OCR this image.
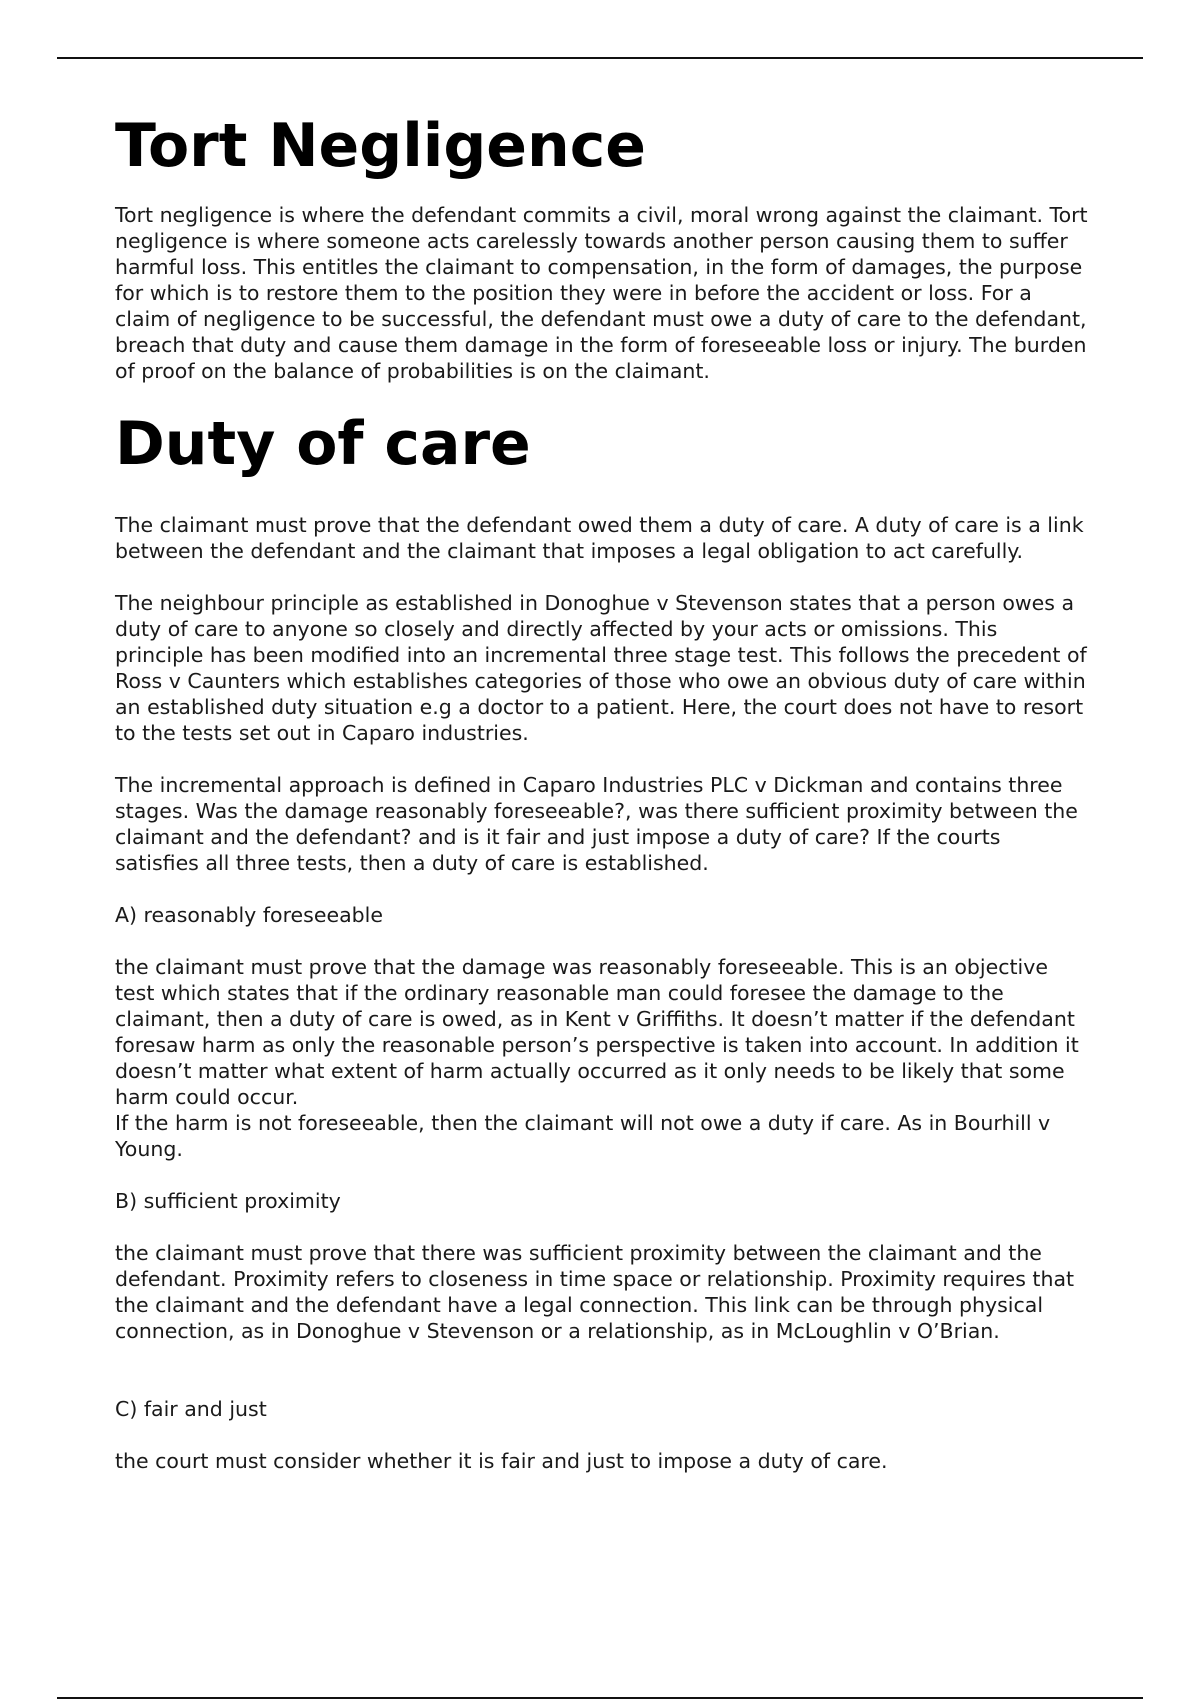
Tort Negligence

Tort negligence is where the defendant commits a civil, moral wrong against the claimant. Tort negligence is where someone acts carelessly towards another person causing them to suffer harmful loss. This entitles the claimant to compensation, in the form of damages, the purpose for which is to restore them to the position they were in before the accident or loss. For a claim of negligence to be successful, the defendant must owe a duty of care to the defendant, breach that duty and cause them damage in the form of foreseeable loss or injury. The burden of proof on the balance of probabilities is on the claimant.

Duty of care

The claimant must prove that the defendant owed them a duty of care. A duty of care is a link between the defendant and the claimant that imposes a legal obligation to act carefully.

The neighbour principle as established in Donoghue v Stevenson states that a person owes a duty of care to anyone so closely and directly affected by your acts or omissions. This principle has been modified into an incremental three stage test. This follows the precedent of Ross v Caunters which establishes categories of those who owe an obvious duty of care within an established duty situation e.g a doctor to a patient. Here, the court does not have to resort to the tests set out in Caparo industries.

The incremental approach is defined in Caparo Industries PLC v Dickman and contains three stages. Was the damage reasonably foreseeable?, was there sufficient proximity between the claimant and the defendant? and is it fair and just impose a duty of care? If the courts satisfies all three tests, then a duty of care is established.

A) reasonably foreseeable

the claimant must prove that the damage was reasonably foreseeable. This is an objective test which states that if the ordinary reasonable man could foresee the damage to the claimant, then a duty of care is owed, as in Kent v Griffiths. It doesn’t matter if the defendant foresaw harm as only the reasonable person’s perspective is taken into account. In addition it doesn’t matter what extent of harm actually occurred as it only needs to be likely that some harm could occur.

If the harm is not foreseeable, then the claimant will not owe a duty if care. As in Bourhill v Young.

B) sufficient proximity

the claimant must prove that there was sufficient proximity between the claimant and the defendant. Proximity refers to closeness in time space or relationship. Proximity requires that the claimant and the defendant have a legal connection. This link can be through physical connection, as in Donoghue v Stevenson or a relationship, as in McLoughlin v O’Brian.

C) fair and just

the court must consider whether it is fair and just to impose a duty of care.
